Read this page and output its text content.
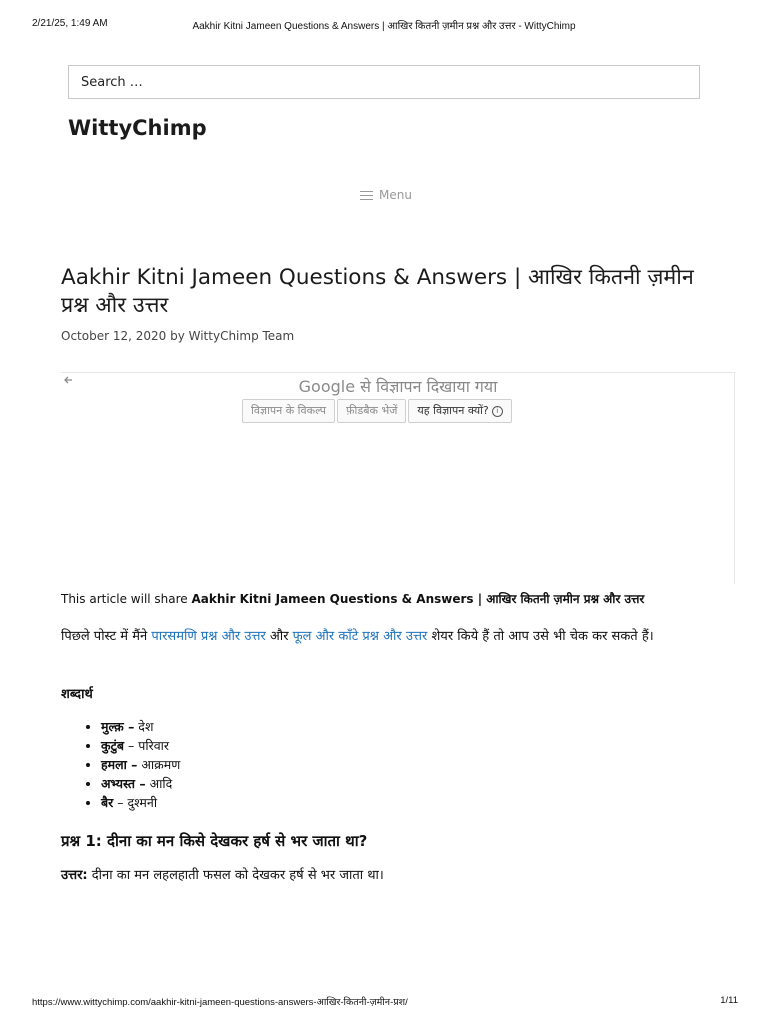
2/21/25, 1:49 AM	Aakhir Kitni Jameen Questions & Answers | आखिर कितनी ज़मीन प्रश्न और उत्तर - WittyChimp
Search …
WittyChimp
Menu
Aakhir Kitni Jameen Questions & Answers | आखिर कितनी ज़मीन प्रश्न और उत्तर
October 12, 2020 by WittyChimp Team
Google से विज्ञापन दिखाया गया
विज्ञापन के विकल्प	फ़ीडबैक भेजें	यह विज्ञापन क्यों? i
This article will share Aakhir Kitni Jameen Questions & Answers | आखिर कितनी ज़मीन प्रश्न और उत्तर

पिछले पोस्ट में मैंने पारसमणि प्रश्न और उत्तर और फूल और काँटे प्रश्न और उत्तर शेयर किये हैं तो आप उसे भी चेक कर सकते हैं।

शब्दार्थ

• मुल्क़ – देश
• कुटुंब – परिवार
• हमला – आक्रमण
• अभ्यस्त – आदि
• बैर – दुश्मनी
प्रश्न 1: दीना का मन किसे देखकर हर्ष से भर जाता था?

उत्तर: दीना का मन लहलहाती फसल को देखकर हर्ष से भर जाता था।

https://www.wittychimp.com/aakhir-kitni-jameen-questions-answers-आखिर-कितनी-ज़मीन-प्रश/	1/11
